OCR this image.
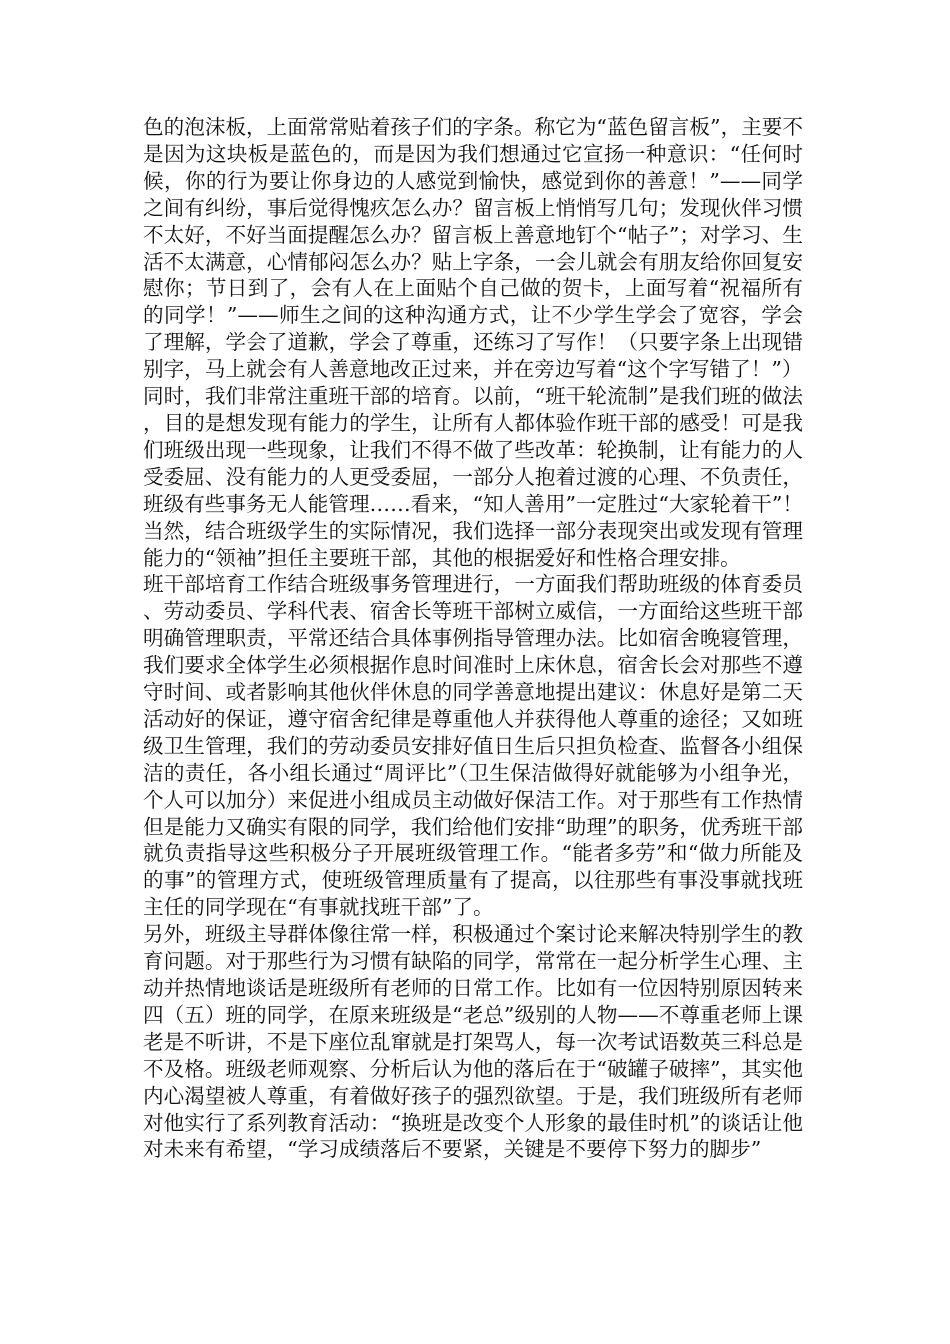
色的泡沫板，上面常常贴着孩子们的字条。称它为“蓝色留言板”，主要不是因为这块板是蓝色的，而是因为我们想通过它宣扬一种意识：“任何时候，你的行为要让你身边的人感觉到愉快，感觉到你的善意！”——同学之间有纠纷，事后觉得愧疚怎么办？留言板上悄悄写几句；发现伙伴习惯不太好，不好当面提醒怎么办？留言板上善意地钉个“帖子”；对学习、生活不太满意，心情郁闷怎么办？贴上字条，一会儿就会有朋友给你回复安慰你；节日到了，会有人在上面贴个自己做的贺卡，上面写着“祝福所有的同学！”——师生之间的这种沟通方式，让不少学生学会了宽容，学会了理解，学会了道歉，学会了尊重，还练习了写作！（只要字条上出现错别字，马上就会有人善意地改正过来，并在旁边写着“这个字写错了！”）

同时，我们非常注重班干部的培育。以前，“班干轮流制”是我们班的做法，目的是想发现有能力的学生，让所有人都体验作班干部的感受！可是我们班级出现一些现象，让我们不得不做了些改革：轮换制，让有能力的人受委屈、没有能力的人更受委屈，一部分人抱着过渡的心理、不负责任，班级有些事务无人能管理……看来，“知人善用”一定胜过“大家轮着干”！当然，结合班级学生的实际情况，我们选择一部分表现突出或发现有管理能力的“领袖”担任主要班干部，其他的根据爱好和性格合理安排。

班干部培育工作结合班级事务管理进行，一方面我们帮助班级的体育委员、劳动委员、学科代表、宿舍长等班干部树立威信，一方面给这些班干部明确管理职责，平常还结合具体事例指导管理办法。比如宿舍晚寝管理，我们要求全体学生必须根据作息时间准时上床休息，宿舍长会对那些不遵守时间、或者影响其他伙伴休息的同学善意地提出建议：休息好是第二天活动好的保证，遵守宿舍纪律是尊重他人并获得他人尊重的途径；又如班级卫生管理，我们的劳动委员安排好值日生后只担负检查、监督各小组保洁的责任，各小组长通过“周评比”（卫生保洁做得好就能够为小组争光，个人可以加分）来促进小组成员主动做好保洁工作。对于那些有工作热情但是能力又确实有限的同学，我们给他们安排“助理”的职务，优秀班干部就负责指导这些积极分子开展班级管理工作。“能者多劳”和“做力所能及的事”的管理方式，使班级管理质量有了提高，以往那些有事没事就找班主任的同学现在“有事就找班干部”了。

另外，班级主导群体像往常一样，积极通过个案讨论来解决特别学生的教育问题。对于那些行为习惯有缺陷的同学，常常在一起分析学生心理、主动并热情地谈话是班级所有老师的日常工作。比如有一位因特别原因转来四（五）班的同学，在原来班级是“老总”级别的人物——不尊重老师上课老是不听讲，不是下座位乱窜就是打架骂人，每一次考试语数英三科总是不及格。班级老师观察、分析后认为他的落后在于“破罐子破摔”，其实他内心渴望被人尊重，有着做好孩子的强烈欲望。于是，我们班级所有老师对他实行了系列教育活动：“换班是改变个人形象的最佳时机”的谈话让他对未来有希望，“学习成绩落后不要紧，关键是不要停下努力的脚步”
